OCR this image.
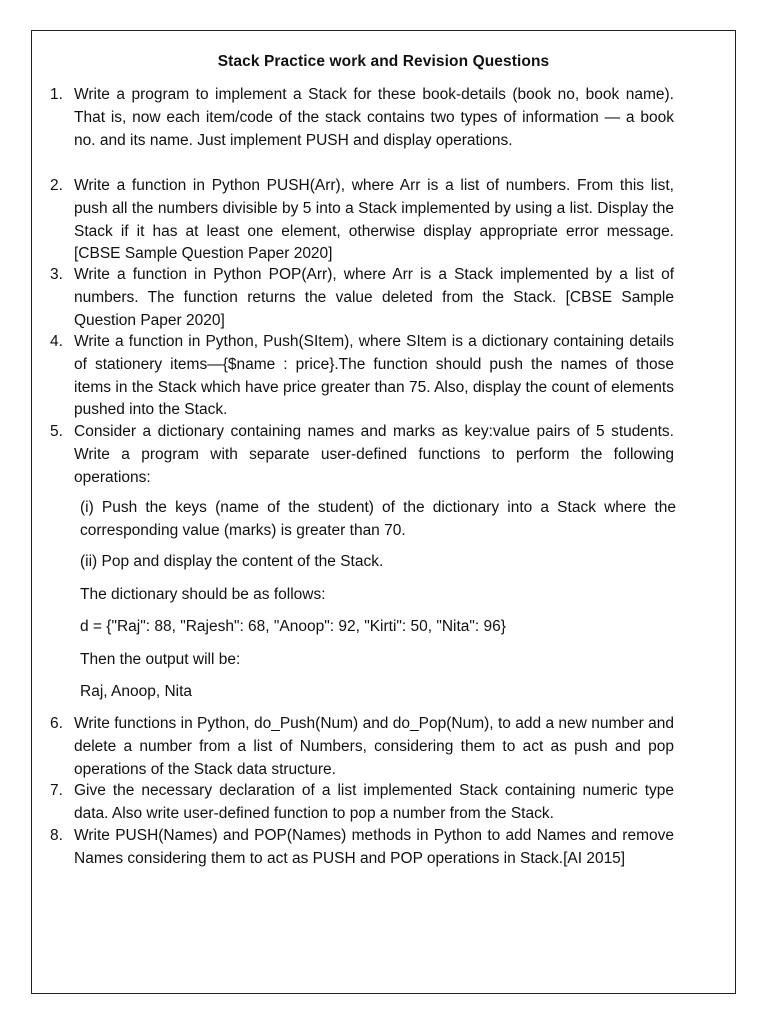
Stack Practice work and Revision Questions
1. Write a program to implement a Stack for these book-details (book no, book name). That is, now each item/code of the stack contains two types of information — a book no. and its name. Just implement PUSH and display operations.
2. Write a function in Python PUSH(Arr), where Arr is a list of numbers. From this list, push all the numbers divisible by 5 into a Stack implemented by using a list. Display the Stack if it has at least one element, otherwise display appropriate error message. [CBSE Sample Question Paper 2020]
3. Write a function in Python POP(Arr), where Arr is a Stack implemented by a list of numbers. The function returns the value deleted from the Stack. [CBSE Sample Question Paper 2020]
4. Write a function in Python, Push(SItem), where SItem is a dictionary containing details of stationery items—{$name : price}.The function should push the names of those items in the Stack which have price greater than 75. Also, display the count of elements pushed into the Stack.
5. Consider a dictionary containing names and marks as key:value pairs of 5 students. Write a program with separate user-defined functions to perform the following operations:
(i) Push the keys (name of the student) of the dictionary into a Stack where the corresponding value (marks) is greater than 70.
(ii) Pop and display the content of the Stack.
The dictionary should be as follows:
d = {"Raj": 88, "Rajesh": 68, "Anoop": 92, "Kirti": 50, "Nita": 96}
Then the output will be:
Raj, Anoop, Nita
6. Write functions in Python, do_Push(Num) and do_Pop(Num), to add a new number and delete a number from a list of Numbers, considering them to act as push and pop operations of the Stack data structure.
7. Give the necessary declaration of a list implemented Stack containing numeric type data. Also write user-defined function to pop a number from the Stack.
8. Write PUSH(Names) and POP(Names) methods in Python to add Names and remove Names considering them to act as PUSH and POP operations in Stack.[AI 2015]
